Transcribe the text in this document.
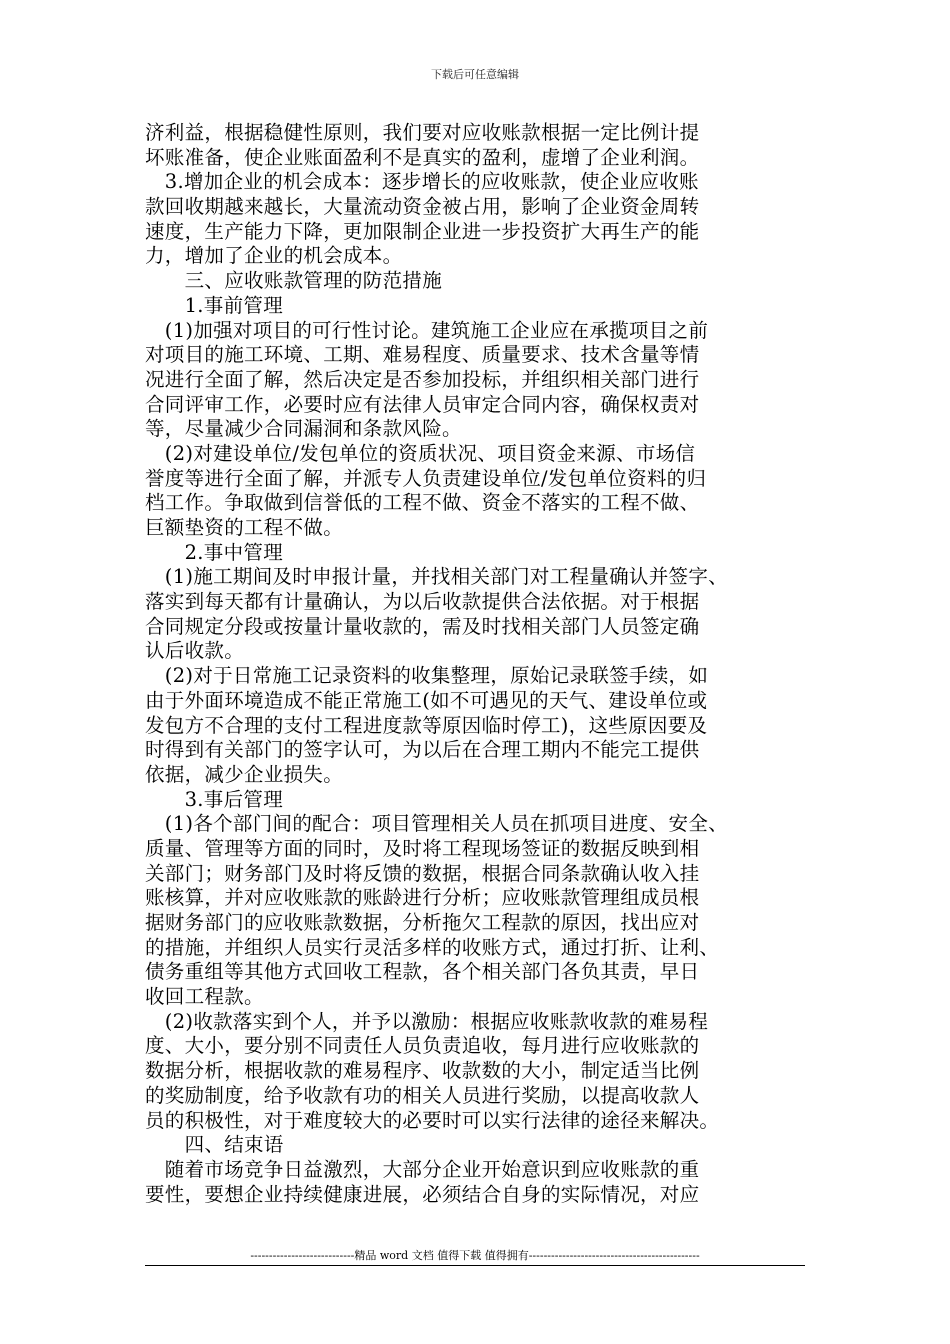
下载后可任意编辑
济利益，根据稳健性原则，我们要对应收账款根据一定比例计提
坏账准备，使企业账面盈利不是真实的盈利，虚增了企业利润。
　3.增加企业的机会成本：逐步增长的应收账款，使企业应收账
款回收期越来越长，大量流动资金被占用，影响了企业资金周转
速度，生产能力下降，更加限制企业进一步投资扩大再生产的能
力，增加了企业的机会成本。
　　三、应收账款管理的防范措施
　　1.事前管理
　(1)加强对项目的可行性讨论。建筑施工企业应在承揽项目之前
对项目的施工环境、工期、难易程度、质量要求、技术含量等情
况进行全面了解，然后决定是否参加投标，并组织相关部门进行
合同评审工作，必要时应有法律人员审定合同内容，确保权责对
等，尽量减少合同漏洞和条款风险。
　(2)对建设单位/发包单位的资质状况、项目资金来源、市场信
誉度等进行全面了解，并派专人负责建设单位/发包单位资料的归
档工作。争取做到信誉低的工程不做、资金不落实的工程不做、
巨额垫资的工程不做。
　　2.事中管理
　(1)施工期间及时申报计量，并找相关部门对工程量确认并签字、
落实到每天都有计量确认，为以后收款提供合法依据。对于根据
合同规定分段或按量计量收款的，需及时找相关部门人员签定确
认后收款。
　(2)对于日常施工记录资料的收集整理，原始记录联签手续，如
由于外面环境造成不能正常施工(如不可遇见的天气、建设单位或
发包方不合理的支付工程进度款等原因临时停工)，这些原因要及
时得到有关部门的签字认可，为以后在合理工期内不能完工提供
依据，减少企业损失。
　　3.事后管理
　(1)各个部门间的配合：项目管理相关人员在抓项目进度、安全、
质量、管理等方面的同时，及时将工程现场签证的数据反映到相
关部门；财务部门及时将反馈的数据，根据合同条款确认收入挂
账核算，并对应收账款的账龄进行分析；应收账款管理组成员根
据财务部门的应收账款数据，分析拖欠工程款的原因，找出应对
的措施，并组织人员实行灵活多样的收账方式，通过打折、让利、
债务重组等其他方式回收工程款，各个相关部门各负其责，早日
收回工程款。
　(2)收款落实到个人，并予以激励：根据应收账款收款的难易程
度、大小，要分别不同责任人员负责追收，每月进行应收账款的
数据分析，根据收款的难易程序、收款数的大小，制定适当比例
的奖励制度，给予收款有功的相关人员进行奖励，以提高收款人
员的积极性，对于难度较大的必要时可以实行法律的途径来解决。
　　四、结束语
　随着市场竞争日益激烈，大部分企业开始意识到应收账款的重
要性，要想企业持续健康进展，必须结合自身的实际情况，对应
----------------------------精品 word 文档 值得下载 值得拥有----------------------------------------------
